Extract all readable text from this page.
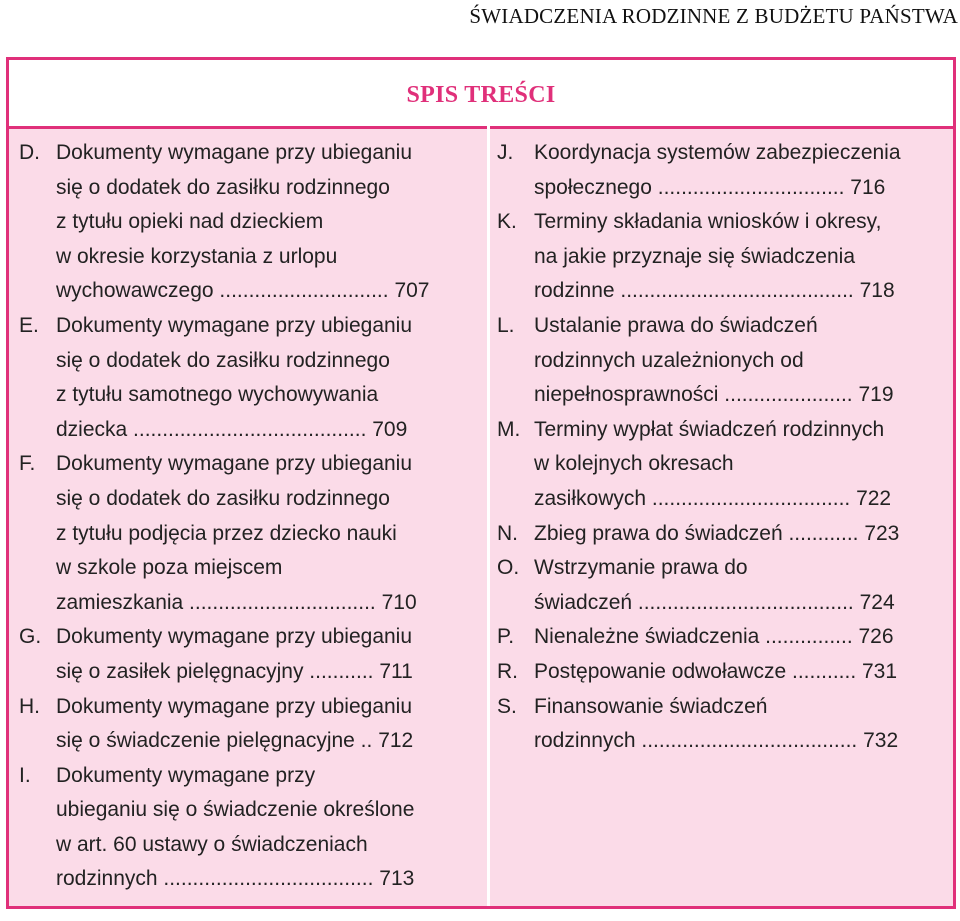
ŚWIADCZENIA RODZINNE Z BUDŻETU PAŃSTWA
SPIS TREŚCI
D. Dokumenty wymagane przy ubieganiu
się o dodatek do zasiłku rodzinnego
z tytułu opieki nad dzieckiem
w okresie korzystania z urlopu
wychowawczego ............................. 707
E. Dokumenty wymagane przy ubieganiu
się o dodatek do zasiłku rodzinnego
z tytułu samotnego wychowywania
dziecka ........................................ 709
F. Dokumenty wymagane przy ubieganiu
się o dodatek do zasiłku rodzinnego
z tytułu podjęcia przez dziecko nauki
w szkole poza miejscem
zamieszkania ................................ 710
G. Dokumenty wymagane przy ubieganiu
się o zasiłek pielęgnacyjny ........... 711
H. Dokumenty wymagane przy ubieganiu
się o świadczenie pielęgnacyjne .. 712
I. Dokumenty wymagane przy
ubieganiu się o świadczenie określone
w art. 60 ustawy o świadczeniach
rodzinnych .................................... 713
J. Koordynacja systemów zabezpieczenia
społecznego ................................ 716
K. Terminy składania wniosków i okresy,
na jakie przyznaje się świadczenia
rodzinne ........................................ 718
L. Ustalanie prawa do świadczeń
rodzinnych uzależnionych od
niepełnosprawności ...................... 719
M. Terminy wypłat świadczeń rodzinnych
w kolejnych okresach
zasiłkowych .................................. 722
N. Zbieg prawa do świadczeń ............ 723
O. Wstrzymanie prawa do
świadczeń ..................................... 724
P. Nienależne świadczenia ............... 726
R. Postępowanie odwoławcze ........... 731
S. Finansowanie świadczeń
rodzinnych ..................................... 732
